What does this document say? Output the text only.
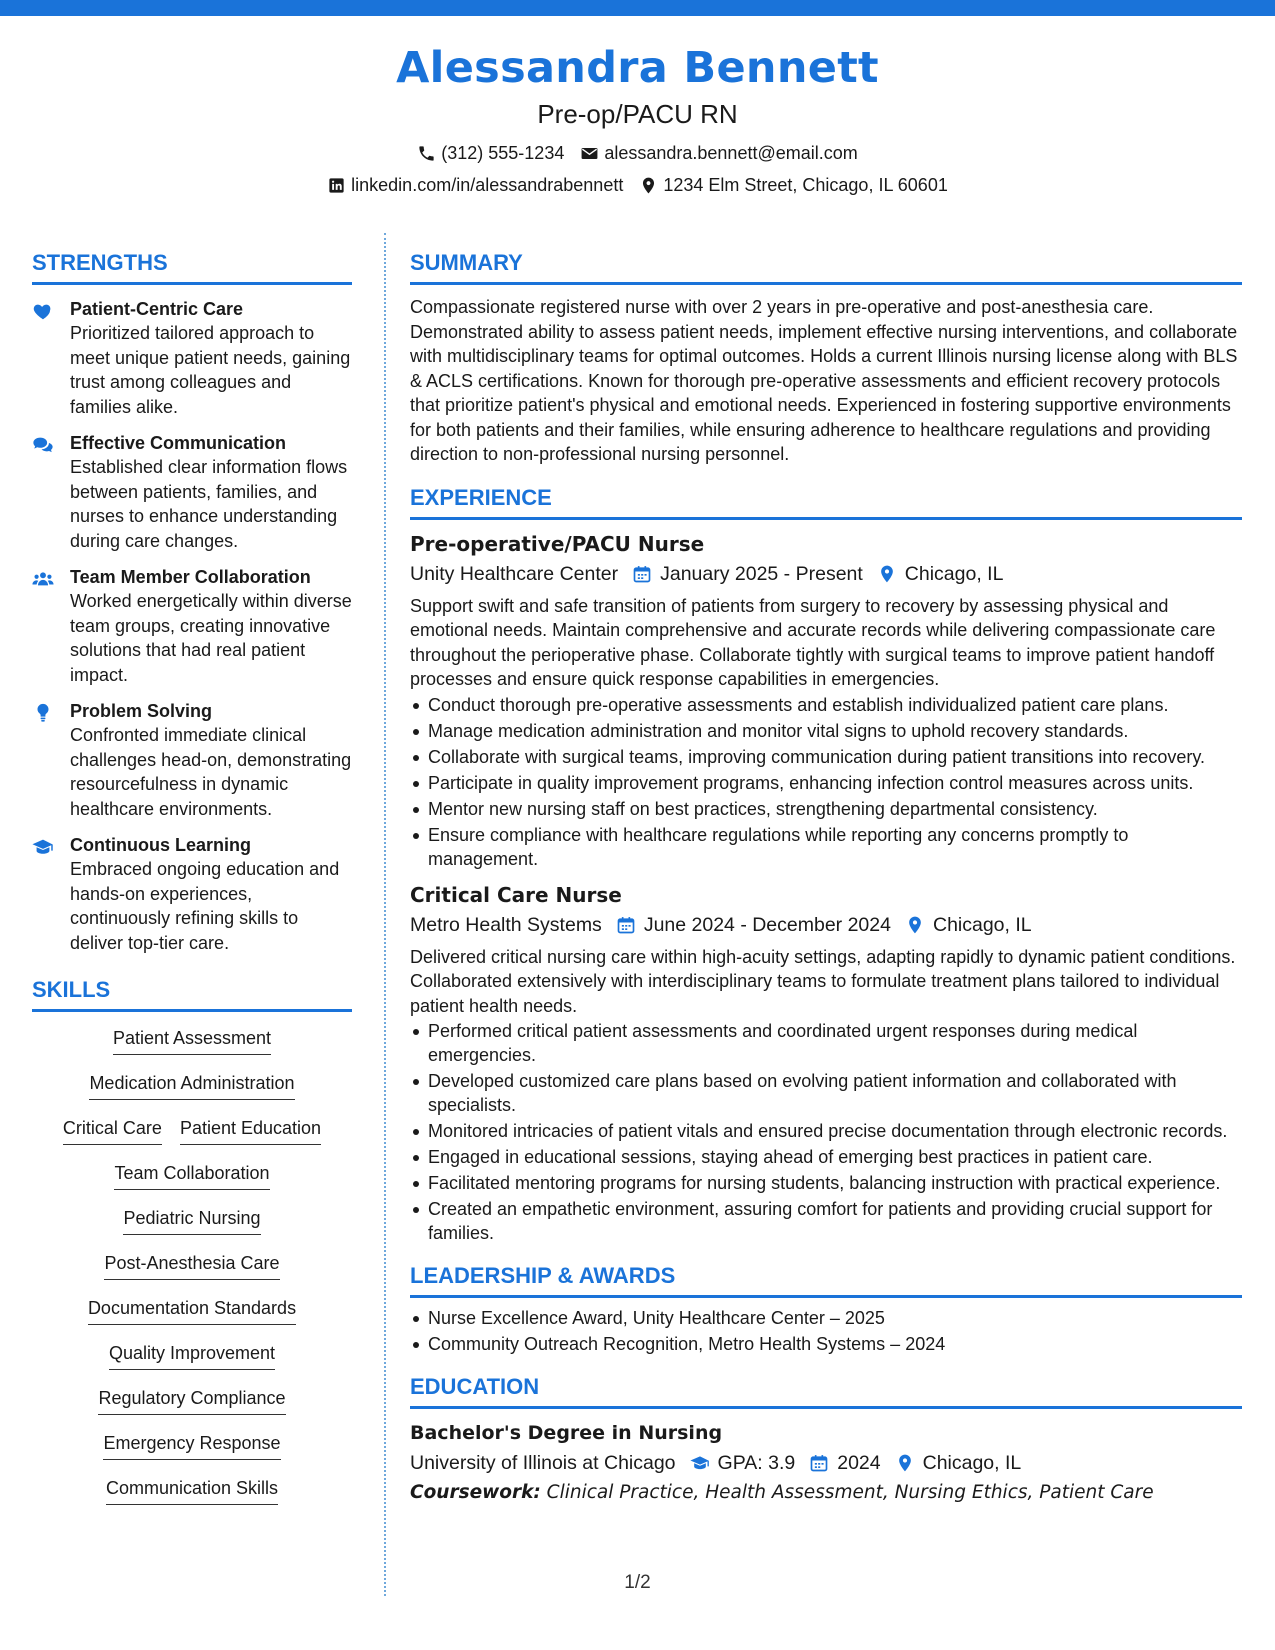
Alessandra Bennett
Pre-op/PACU RN
(312) 555-1234 alessandra.bennett@email.com
linkedin.com/in/alessandrabennett 1234 Elm Street, Chicago, IL 60601
STRENGTHS
Patient-Centric Care
Prioritized tailored approach to meet unique patient needs, gaining trust among colleagues and families alike.
Effective Communication
Established clear information flows between patients, families, and nurses to enhance understanding during care changes.
Team Member Collaboration
Worked energetically within diverse team groups, creating innovative solutions that had real patient impact.
Problem Solving
Confronted immediate clinical challenges head-on, demonstrating resourcefulness in dynamic healthcare environments.
Continuous Learning
Embraced ongoing education and hands-on experiences, continuously refining skills to deliver top-tier care.
SKILLS
Patient Assessment
Medication Administration
Critical Care Patient Education
Team Collaboration
Pediatric Nursing
Post-Anesthesia Care
Documentation Standards
Quality Improvement
Regulatory Compliance
Emergency Response
Communication Skills
SUMMARY
Compassionate registered nurse with over 2 years in pre-operative and post-anesthesia care. Demonstrated ability to assess patient needs, implement effective nursing interventions, and collaborate with multidisciplinary teams for optimal outcomes. Holds a current Illinois nursing license along with BLS & ACLS certifications. Known for thorough pre-operative assessments and efficient recovery protocols that prioritize patient's physical and emotional needs. Experienced in fostering supportive environments for both patients and their families, while ensuring adherence to healthcare regulations and providing direction to non-professional nursing personnel.
EXPERIENCE
Pre-operative/PACU Nurse
Unity Healthcare Center January 2025 - Present Chicago, IL
Support swift and safe transition of patients from surgery to recovery by assessing physical and emotional needs. Maintain comprehensive and accurate records while delivering compassionate care throughout the perioperative phase. Collaborate tightly with surgical teams to improve patient handoff processes and ensure quick response capabilities in emergencies.
Conduct thorough pre-operative assessments and establish individualized patient care plans.
Manage medication administration and monitor vital signs to uphold recovery standards.
Collaborate with surgical teams, improving communication during patient transitions into recovery.
Participate in quality improvement programs, enhancing infection control measures across units.
Mentor new nursing staff on best practices, strengthening departmental consistency.
Ensure compliance with healthcare regulations while reporting any concerns promptly to management.
Critical Care Nurse
Metro Health Systems June 2024 - December 2024 Chicago, IL
Delivered critical nursing care within high-acuity settings, adapting rapidly to dynamic patient conditions. Collaborated extensively with interdisciplinary teams to formulate treatment plans tailored to individual patient health needs.
Performed critical patient assessments and coordinated urgent responses during medical emergencies.
Developed customized care plans based on evolving patient information and collaborated with specialists.
Monitored intricacies of patient vitals and ensured precise documentation through electronic records.
Engaged in educational sessions, staying ahead of emerging best practices in patient care.
Facilitated mentoring programs for nursing students, balancing instruction with practical experience.
Created an empathetic environment, assuring comfort for patients and providing crucial support for families.
LEADERSHIP & AWARDS
Nurse Excellence Award, Unity Healthcare Center – 2025
Community Outreach Recognition, Metro Health Systems – 2024
EDUCATION
Bachelor's Degree in Nursing
University of Illinois at Chicago GPA: 3.9 2024 Chicago, IL
Coursework: Clinical Practice, Health Assessment, Nursing Ethics, Patient Care
1/2
